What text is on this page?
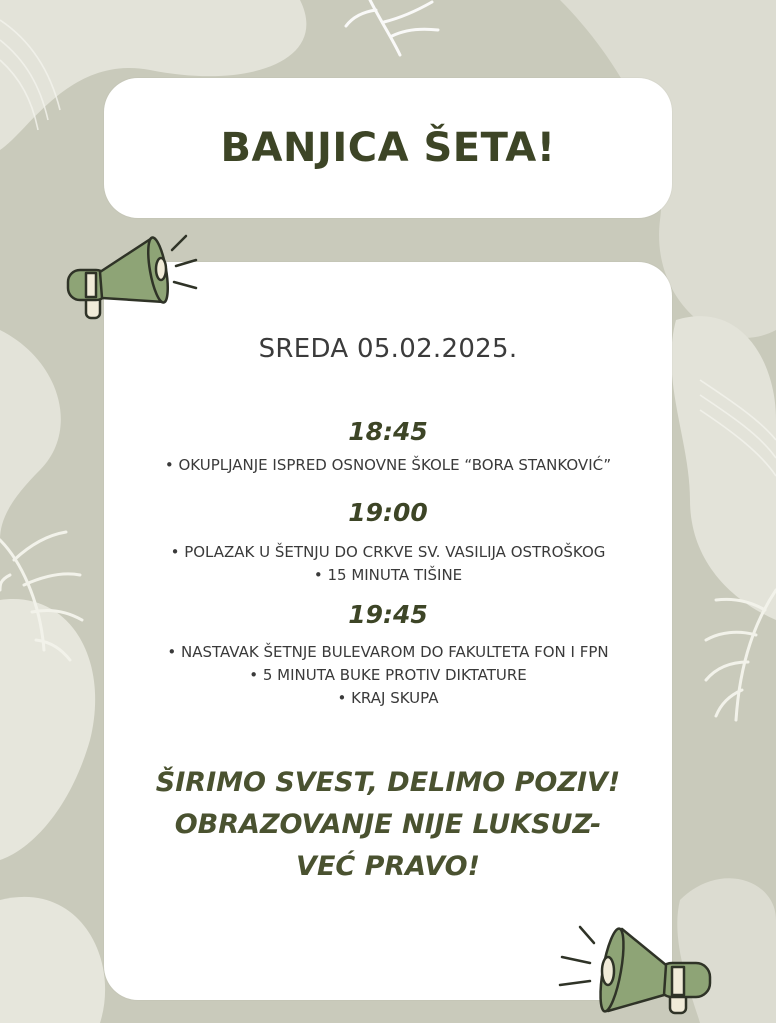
BANJICA ŠETA!
SREDA 05.02.2025.

18:45

• OKUPLJANJE ISPRED OSNOVNE ŠKOLE “BORA STANKOVIĆ”

19:00

• POLAZAK U ŠETNJU DO CRKVE SV. VASILIJA OSTROŠKOG

• 15 MINUTA TIŠINE

19:45

• NASTAVAK ŠETNJE BULEVAROM DO FAKULTETA FON I FPN

• 5 MINUTA BUKE PROTIV DIKTATURE

• KRAJ SKUPA

ŠIRIMO SVEST, DELIMO POZIV!
OBRAZOVANJE NIJE LUKSUZ-
VEĆ PRAVO!
